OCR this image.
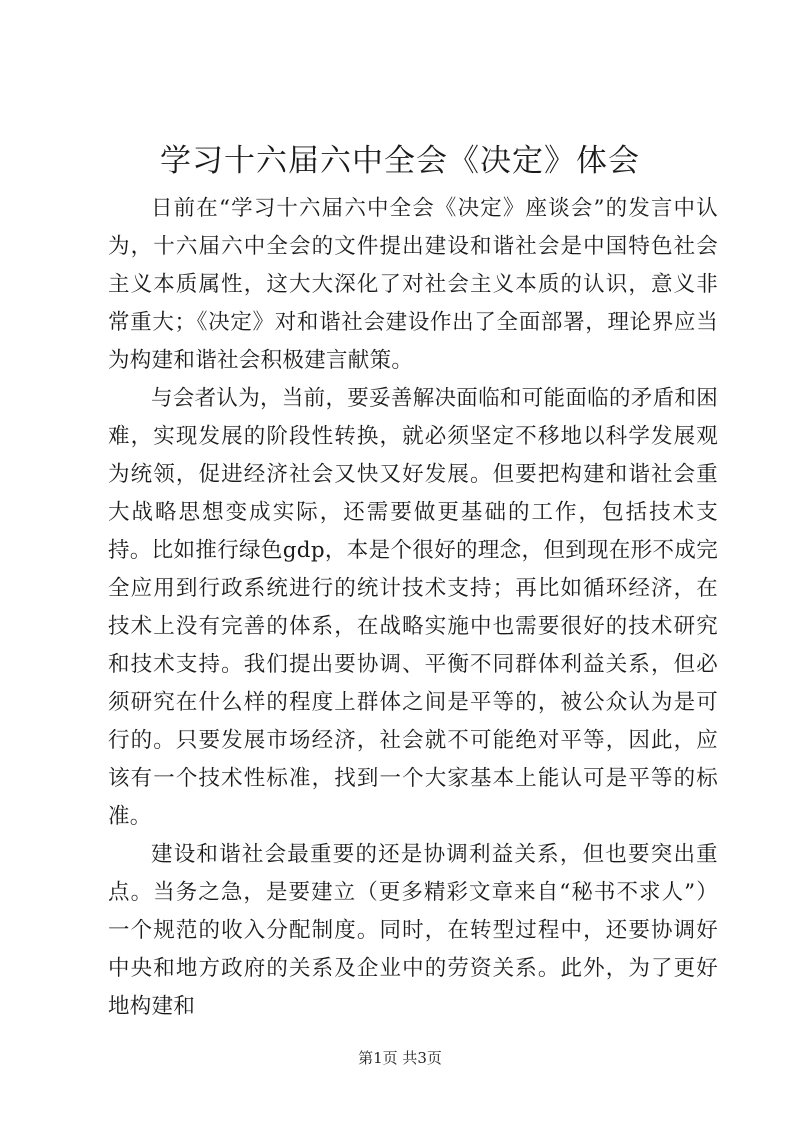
学习十六届六中全会《决定》体会

日前在“学习十六届六中全会《决定》座谈会”的发言中认为，十六届六中全会的文件提出建设和谐社会是中国特色社会主义本质属性，这大大深化了对社会主义本质的认识，意义非常重大；《决定》对和谐社会建设作出了全面部署，理论界应当为构建和谐社会积极建言献策。

与会者认为，当前，要妥善解决面临和可能面临的矛盾和困难，实现发展的阶段性转换，就必须坚定不移地以科学发展观为统领，促进经济社会又快又好发展。但要把构建和谐社会重大战略思想变成实际，还需要做更基础的工作，包括技术支持。比如推行绿色gdp，本是个很好的理念，但到现在形不成完全应用到行政系统进行的统计技术支持；再比如循环经济，在技术上没有完善的体系，在战略实施中也需要很好的技术研究和技术支持。我们提出要协调、平衡不同群体利益关系，但必须研究在什么样的程度上群体之间是平等的，被公众认为是可行的。只要发展市场经济，社会就不可能绝对平等，因此，应该有一个技术性标准，找到一个大家基本上能认可是平等的标准。

建设和谐社会最重要的还是协调利益关系，但也要突出重点。当务之急，是要建立（更多精彩文章来自“秘书不求人”）一个规范的收入分配制度。同时，在转型过程中，还要协调好中央和地方政府的关系及企业中的劳资关系。此外，为了更好地构建和

第1页 共3页
